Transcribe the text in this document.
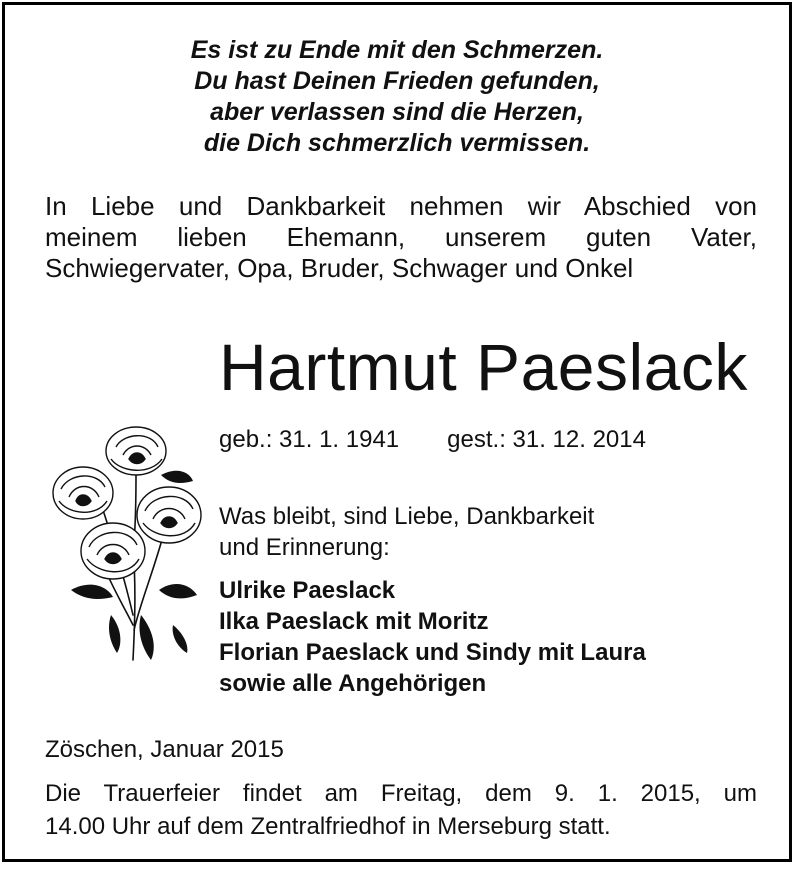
Es ist zu Ende mit den Schmerzen.
Du hast Deinen Frieden gefunden,
aber verlassen sind die Herzen,
die Dich schmerzlich vermissen.
In Liebe und Dankbarkeit nehmen wir Abschied von
meinem lieben Ehemann, unserem guten Vater,
Schwiegervater, Opa, Bruder, Schwager und Onkel
Hartmut Paeslack
geb.: 31. 1. 1941 gest.: 31. 12. 2014
Was bleibt, sind Liebe, Dankbarkeit
und Erinnerung:
Ulrike Paeslack
Ilka Paeslack mit Moritz
Florian Paeslack und Sindy mit Laura
sowie alle Angehörigen
Zöschen, Januar 2015
Die Trauerfeier findet am Freitag, dem 9. 1. 2015, um
14.00 Uhr auf dem Zentralfriedhof in Merseburg statt.
